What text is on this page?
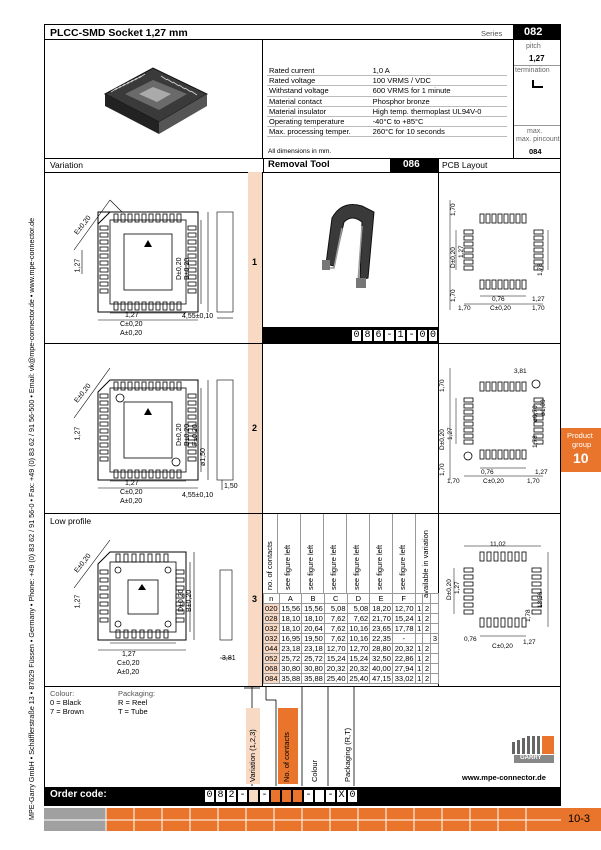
MPE-Garry GmbH • Schäfflerstraße 13 • 87629 Füssen • Germany • Phone: +49 (0) 83 62 / 91 56-0 • Fax: +49 (0) 83 62 / 91 56-500 • Email: vk@mpe-connector.de • www.mpe-connector.de
PLCC-SMD Socket 1,27 mm	Series 082
Rated current	1,0 A
Rated voltage	100 VRMS / VDC
Withstand voltage	600 VRMS for 1 minute
Material contact	Phosphor bronze
Material insulator	High temp. thermoplast UL94V-0
Operating temperature	-40°C to +85°C
Max. processing temper.	260°C for 10 seconds
All dimensions in mm.
pitch
1,27
termination
max.
max. pincount
084
Variation	Removal Tool	086	PCB Layout
1
2
3
E±0,20
1,27	D±0,20 B±0,20
1,27
C±0,20
A±0,20
4,55±0,10
0 8 6 - 1 - 0 0
1,70
D±0,20 1,27
1,78
1,70	0,76	1,27
1,70	C±0,20	1,70
E±0,20
1,27	D±0,20 B±0,20 F±0,20
ø1,50
1,27
C±0,20
A±0,20
1,50
4,55±0,10
1,70
3,81
ø0,70 ø1,00
D±0,20 1,27
1,78
1,70	0,76	1,27
1,70	C±0,20	1,70
Product
group
10
Low profile
E±0,20
1,27	D±0,20 B±0,20
1,27
C±0,20
A±0,20
3,81
no. of contacts see figure left see figure left see figure left see figure left see figure left see figure left available in variation
n	A	B	C	D	E	F			
020	15,56	15,56	5,08	5,08	18,20	12,70	1	2	
028	18,10	18,10	7,62	7,62	21,70	15,24	1	2	
032	18,10	20,64	7,62	10,16	23,65	17,78	1	2	
032	16,95	19,50	7,62	10,16	22,35	-			3
044	23,18	23,18	12,70	12,70	28,80	20,32	1	2	
052	25,72	25,72	15,24	15,24	32,50	22,86	1	2	
068	30,80	30,80	20,32	20,32	40,00	27,94	1	2	
084	35,88	35,88	25,40	25,40	47,15	33,02	1	2	
11,02
13,56
D±0,20 1,27
1,78
0,76	1,27
C±0,20
Colour:
0 = Black
7 = Brown
Packaging:
R = Reel
T = Tube
Variation (1,2,3)	No. of contacts	Colour	Packaging (R,T)	GARRY
www.mpe-connector.de
Order code:	0 8 2 - -	- - X 0
10-3
